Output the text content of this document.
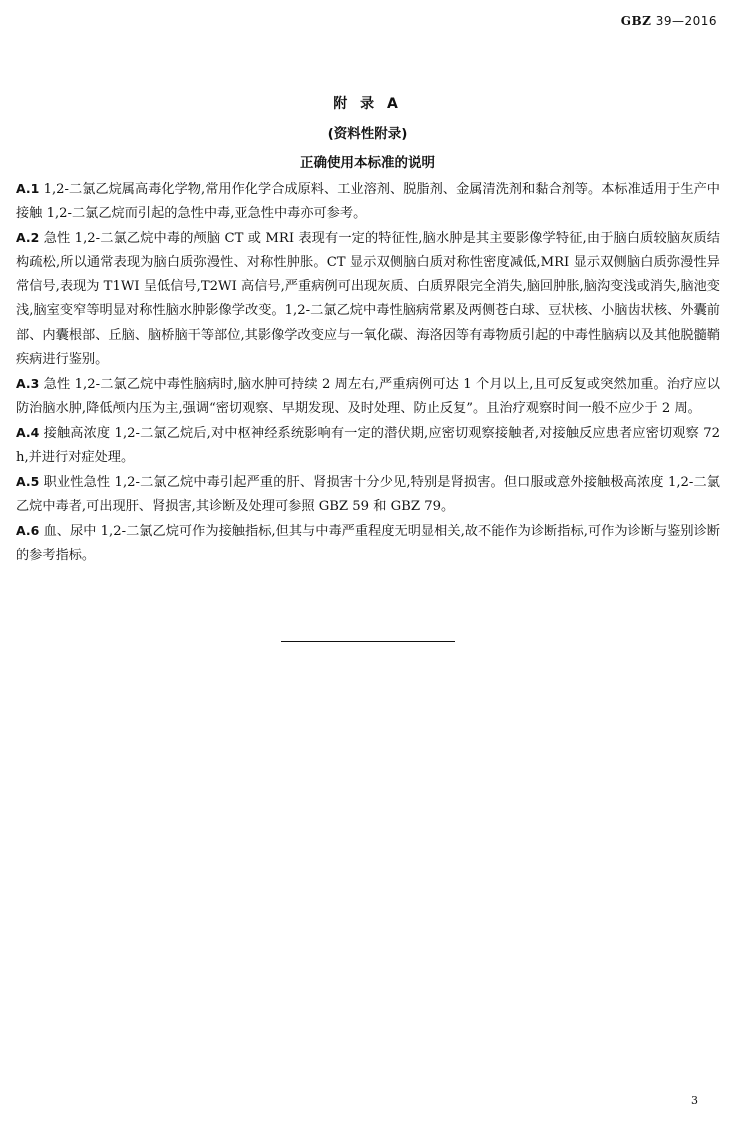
GBZ 39—2016
附 录 A
(资料性附录)
正确使用本标准的说明

A.1 1,2-二氯乙烷属高毒化学物,常用作化学合成原料、工业溶剂、脱脂剂、金属清洗剂和黏合剂等。本标准适用于生产中接触 1,2-二氯乙烷而引起的急性中毒,亚急性中毒亦可参考。

A.2 急性 1,2-二氯乙烷中毒的颅脑 CT 或 MRI 表现有一定的特征性,脑水肿是其主要影像学特征,由于脑白质较脑灰质结构疏松,所以通常表现为脑白质弥漫性、对称性肿胀。CT 显示双侧脑白质对称性密度减低,MRI 显示双侧脑白质弥漫性异常信号,表现为 T1WI 呈低信号,T2WI 高信号,严重病例可出现灰质、白质界限完全消失,脑回肿胀,脑沟变浅或消失,脑池变浅,脑室变窄等明显对称性脑水肿影像学改变。1,2-二氯乙烷中毒性脑病常累及两侧苍白球、豆状核、小脑齿状核、外囊前部、内囊根部、丘脑、脑桥脑干等部位,其影像学改变应与一氧化碳、海洛因等有毒物质引起的中毒性脑病以及其他脱髓鞘疾病进行鉴别。

A.3 急性 1,2-二氯乙烷中毒性脑病时,脑水肿可持续 2 周左右,严重病例可达 1 个月以上,且可反复或突然加重。治疗应以防治脑水肿,降低颅内压为主,强调“密切观察、早期发现、及时处理、防止反复”。且治疗观察时间一般不应少于 2 周。

A.4 接触高浓度 1,2-二氯乙烷后,对中枢神经系统影响有一定的潜伏期,应密切观察接触者,对接触反应患者应密切观察 72 h,并进行对症处理。

A.5 职业性急性 1,2-二氯乙烷中毒引起严重的肝、肾损害十分少见,特别是肾损害。但口服或意外接触极高浓度 1,2-二氯乙烷中毒者,可出现肝、肾损害,其诊断及处理可参照 GBZ 59 和 GBZ 79。

A.6 血、尿中 1,2-二氯乙烷可作为接触指标,但其与中毒严重程度无明显相关,故不能作为诊断指标,可作为诊断与鉴别诊断的参考指标。

3
